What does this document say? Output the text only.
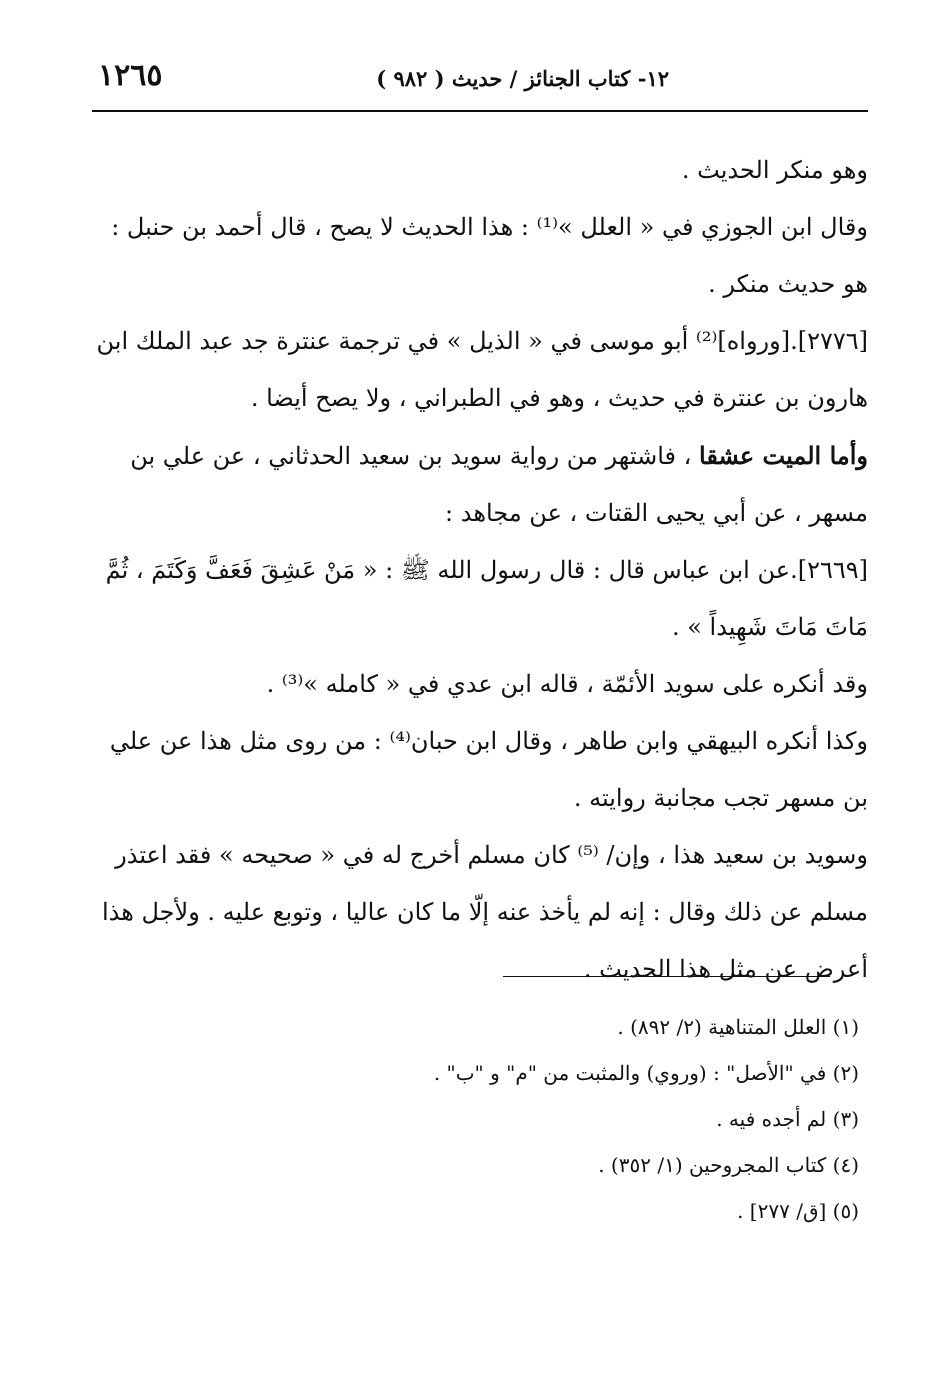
١٢٦٥	١٢- كتاب الجنائز / حديث ( ٩٨٢ )

وهو منكر الحديث .

وقال ابن الجوزي في « العلل »⁽¹⁾ : هذا الحديث لا يصح ، قال أحمد بن حنبل : هو حديث منكر .

[٢٧٧٦].[ورواه]⁽²⁾ أبو موسى في « الذيل » في ترجمة عنترة جد عبد الملك ابن هارون بن عنترة في حديث ، وهو في الطبراني ، ولا يصح أيضا .

وأما الميت عشقا ، فاشتهر من رواية سويد بن سعيد الحدثاني ، عن علي بن مسهر ، عن أبي يحيى القتات ، عن مجاهد :

[٢٦٦٩].عن ابن عباس قال : قال رسول الله ﷺ : « مَنْ عَشِقَ فَعَفَّ وَكَتَمَ ، ثُمَّ مَاتَ مَاتَ شَهِيداً » .

وقد أنكره على سويد الأئمّة ، قاله ابن عدي في « كامله »⁽³⁾ .

وكذا أنكره البيهقي وابن طاهر ، وقال ابن حبان⁽⁴⁾ : من روى مثل هذا عن علي بن مسهر تجب مجانبة روايته .

وسويد بن سعيد هذا ، وإن/ ⁽⁵⁾ كان مسلم أخرج له في « صحيحه » فقد اعتذر مسلم عن ذلك وقال : إنه لم يأخذ عنه إلّا ما كان عاليا ، وتوبع عليه . ولأجل هذا أعرض عن مثل هذا الحديث .

(١) العلل المتناهية (٢/ ٨٩٢) .

(٢) في "الأصل" : (وروي) والمثبت من "م" و "ب" .

(٣) لم أجده فيه .

(٤) كتاب المجروحين (١/ ٣٥٢) .

(٥) [ق/ ٢٧٧] .
